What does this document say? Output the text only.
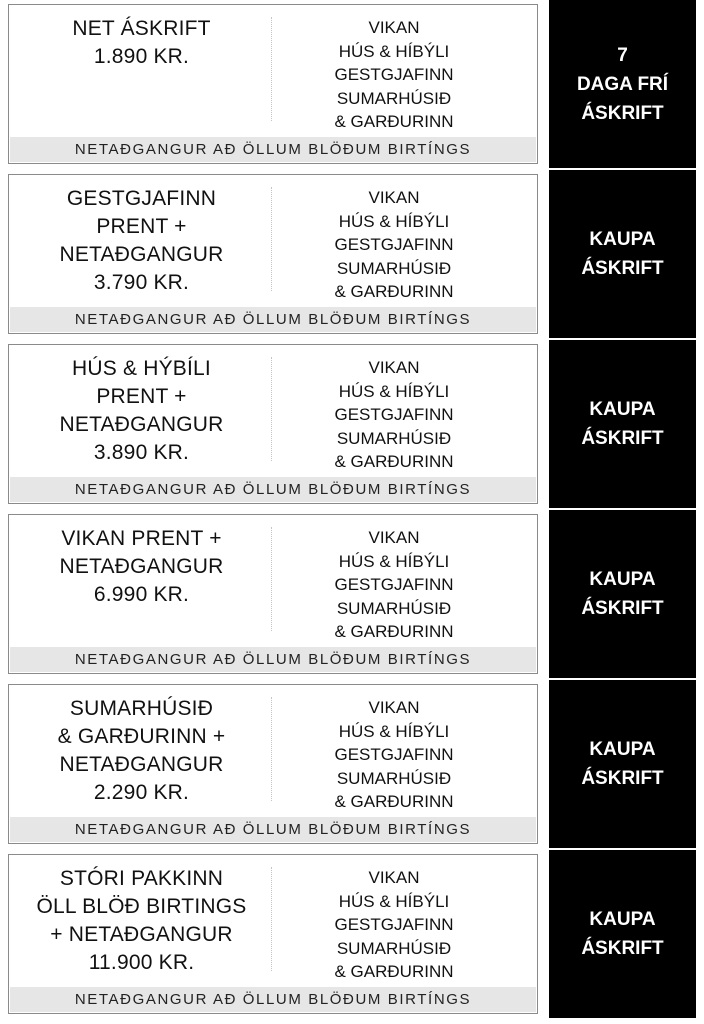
NET ÁSKRIFT
1.890 KR.
VIKAN
HÚS & HÍBÝLI
GESTGJAFINN
SUMARHÚSIÐ
& GARÐURINN
NETAÐGANGUR AÐ ÖLLUM BLÖÐUM BIRTÍNGS
7
DAGA FRÍ
ÁSKRIFT
GESTGJAFINN
PRENT +
NETAÐGANGUR
3.790 KR.
VIKAN
HÚS & HÍBÝLI
GESTGJAFINN
SUMARHÚSIÐ
& GARÐURINN
NETAÐGANGUR AÐ ÖLLUM BLÖÐUM BIRTÍNGS
KAUPA
ÁSKRIFT
HÚS & HÝBÍLI
PRENT +
NETAÐGANGUR
3.890 KR.
VIKAN
HÚS & HÍBÝLI
GESTGJAFINN
SUMARHÚSIÐ
& GARÐURINN
NETAÐGANGUR AÐ ÖLLUM BLÖÐUM BIRTÍNGS
KAUPA
ÁSKRIFT
VIKAN PRENT +
NETAÐGANGUR
6.990 KR.
VIKAN
HÚS & HÍBÝLI
GESTGJAFINN
SUMARHÚSIÐ
& GARÐURINN
NETAÐGANGUR AÐ ÖLLUM BLÖÐUM BIRTÍNGS
KAUPA
ÁSKRIFT
SUMARHÚSIÐ
& GARÐURINN +
NETAÐGANGUR
2.290 KR.
VIKAN
HÚS & HÍBÝLI
GESTGJAFINN
SUMARHÚSIÐ
& GARÐURINN
NETAÐGANGUR AÐ ÖLLUM BLÖÐUM BIRTÍNGS
KAUPA
ÁSKRIFT
STÓRI PAKKINN
ÖLL BLÖÐ BIRTINGS
+ NETAÐGANGUR
11.900 KR.
VIKAN
HÚS & HÍBÝLI
GESTGJAFINN
SUMARHÚSIÐ
& GARÐURINN
NETAÐGANGUR AÐ ÖLLUM BLÖÐUM BIRTÍNGS
KAUPA
ÁSKRIFT
